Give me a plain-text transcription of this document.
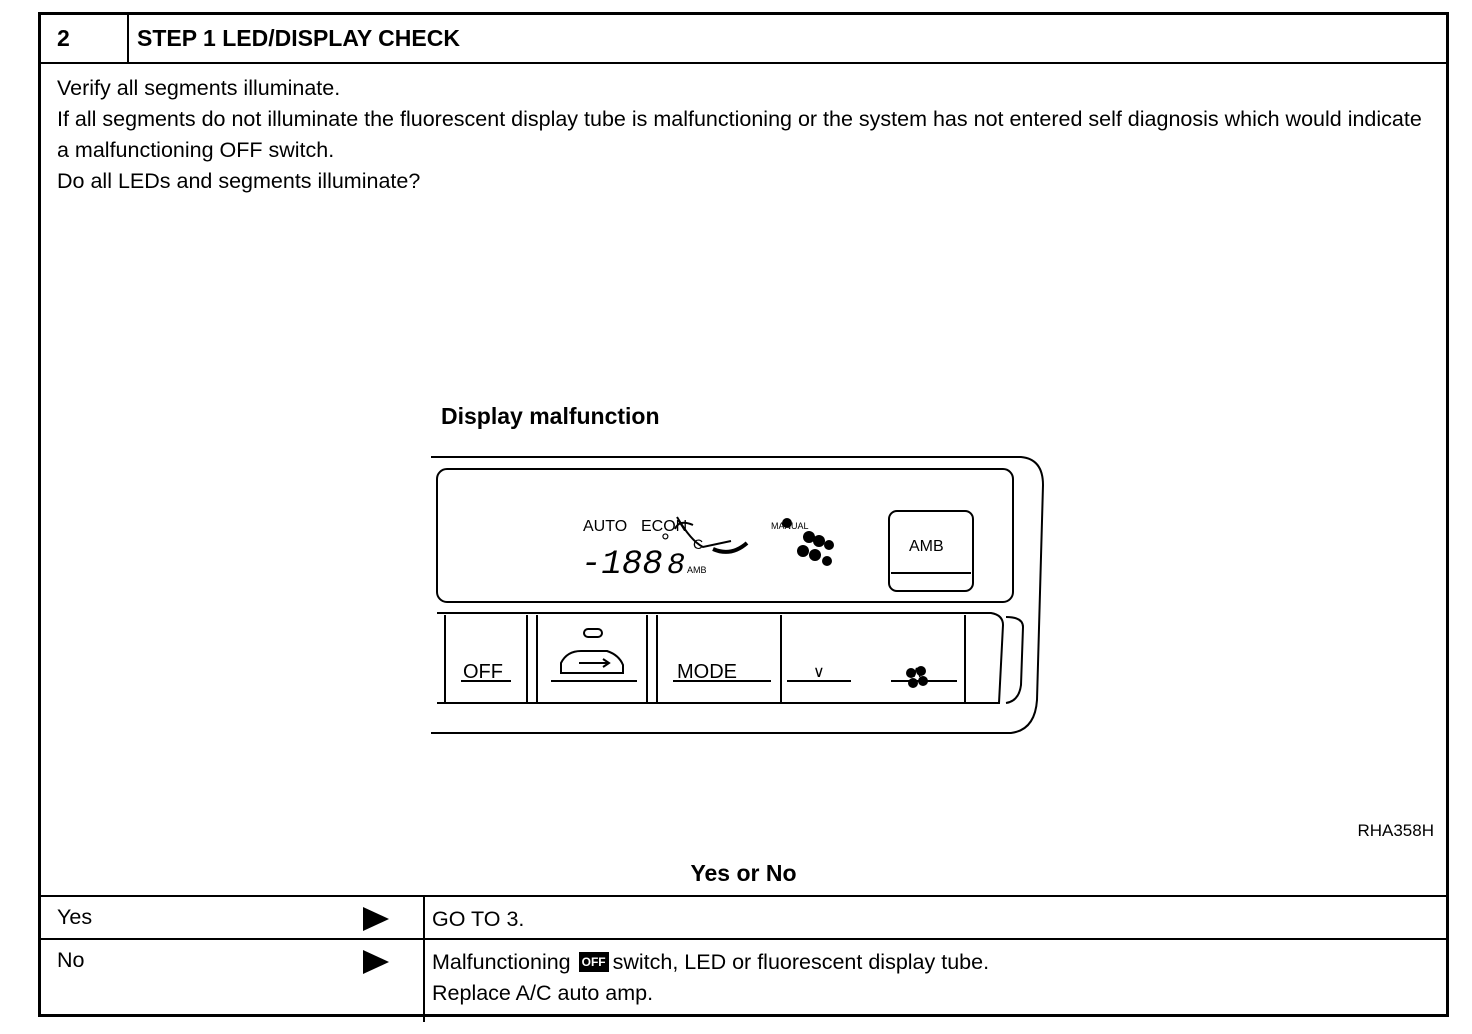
2	STEP 1 LED/DISPLAY CHECK

Verify all segments illuminate.

If all segments do not illuminate the fluorescent display tube is malfunctioning or the system has not entered self diagnosis which would indicate a malfunctioning OFF switch.

Do all LEDs and segments illuminate?

Display malfunction
AUTO ECON
-188
°
8
C
AMB
MANUAL
AMB
OFF	MODE	∨	∧
RHA358H
Yes or No
Yes	GO TO 3.

No	Malfunctioning OFF switch, LED or fluorescent display tube.

Replace A/C auto amp.
